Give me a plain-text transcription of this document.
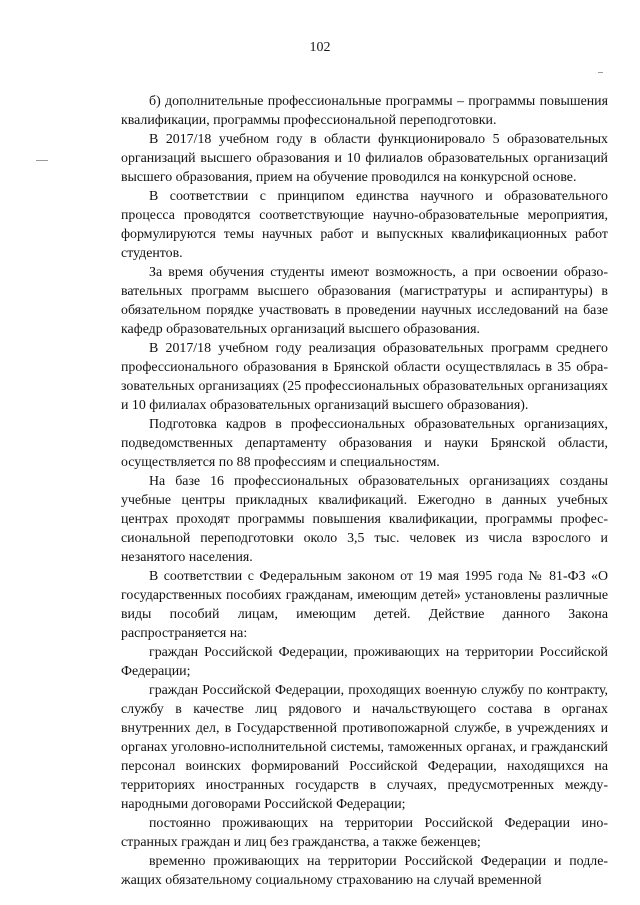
102

б) дополнительные профессиональные программы – программы повышения квалификации, программы профессиональной переподготовки.

В 2017/18 учебном году в области функционировало 5 образовательных организаций высшего образования и 10 филиалов образовательных организаций высшего образования, прием на обучение проводился на конкурсной основе.

В соответствии с принципом единства научного и образовательного процесса проводятся соответствующие научно-образовательные мероприятия, формулируются темы научных работ и выпускных квалификационных работ студентов.

За время обучения студенты имеют возможность, а при освоении образовательных программ высшего образования (магистратуры и аспирантуры) в обязательном порядке участвовать в проведении научных исследований на базе кафедр образовательных организаций высшего образования.

В 2017/18 учебном году реализация образовательных программ среднего профессионального образования в Брянской области осуществлялась в 35 образовательных организациях (25 профессиональных образовательных организациях и 10 филиалах образовательных организаций высшего образования).

Подготовка кадров в профессиональных образовательных организациях, подведомственных департаменту образования и науки Брянской области, осуществляется по 88 профессиям и специальностям.

На базе 16 профессиональных образовательных организациях созданы учебные центры прикладных квалификаций. Ежегодно в данных учебных центрах проходят программы повышения квалификации, программы профессиональной переподготовки около 3,5 тыс. человек из числа взрослого и незанятого населения.

В соответствии с Федеральным законом от 19 мая 1995 года № 81-ФЗ «О государственных пособиях гражданам, имеющим детей» установлены различные виды пособий лицам, имеющим детей. Действие данного Закона распространяется на:

граждан Российской Федерации, проживающих на территории Российской Федерации;

граждан Российской Федерации, проходящих военную службу по контракту, службу в качестве лиц рядового и начальствующего состава в органах внутренних дел, в Государственной противопожарной службе, в учреждениях и органах уголовно-исполнительной системы, таможенных органах, и гражданский персонал воинских формирований Российской Федерации, находящихся на территориях иностранных государств в случаях, предусмотренных международными договорами Российской Федерации;

постоянно проживающих на территории Российской Федерации иностранных граждан и лиц без гражданства, а также беженцев;

временно проживающих на территории Российской Федерации и подлежащих обязательному социальному страхованию на случай временной
